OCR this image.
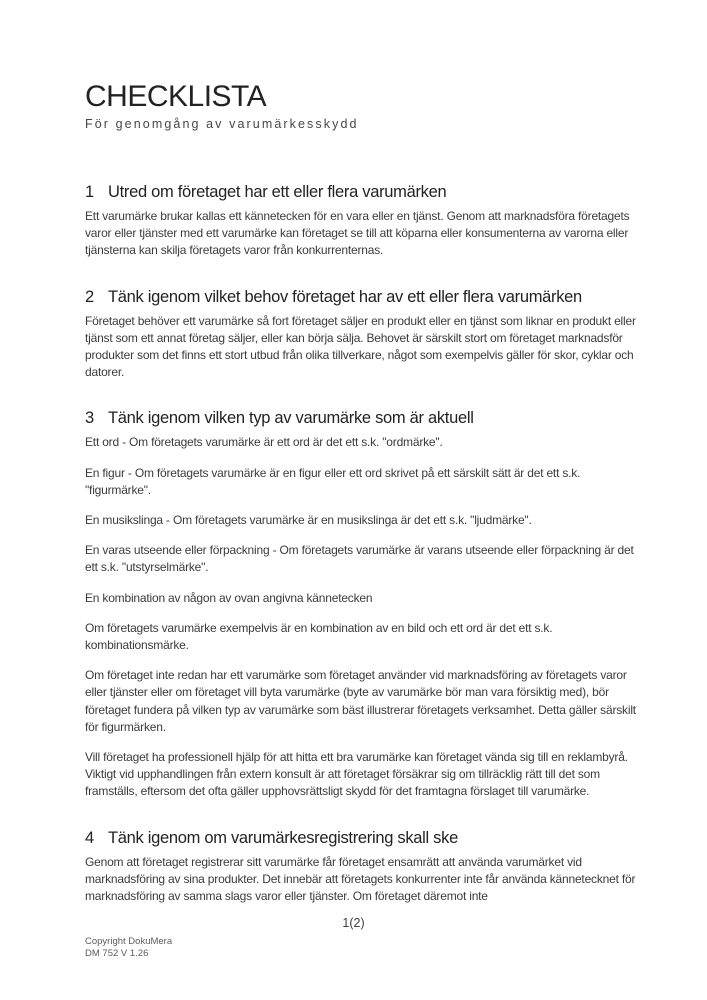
CHECKLISTA
För genomgång av varumärkesskydd
1 Utred om företaget har ett eller flera varumärken

Ett varumärke brukar kallas ett kännetecken för en vara eller en tjänst. Genom att marknadsföra företagets varor eller tjänster med ett varumärke kan företaget se till att köparna eller konsumenterna av varorna eller tjänsterna kan skilja företagets varor från konkurrenternas.

2 Tänk igenom vilket behov företaget har av ett eller flera varumärken

Företaget behöver ett varumärke så fort företaget säljer en produkt eller en tjänst som liknar en produkt eller tjänst som ett annat företag säljer, eller kan börja sälja. Behovet är särskilt stort om företaget marknadsför produkter som det finns ett stort utbud från olika tillverkare, något som exempelvis gäller för skor, cyklar och datorer.

3 Tänk igenom vilken typ av varumärke som är aktuell

Ett ord - Om företagets varumärke är ett ord är det ett s.k. "ordmärke".

En figur - Om företagets varumärke är en figur eller ett ord skrivet på ett särskilt sätt är det ett s.k. "figurmärke".

En musikslinga - Om företagets varumärke är en musikslinga är det ett s.k. "ljudmärke".

En varas utseende eller förpackning - Om företagets varumärke är varans utseende eller förpackning är det ett s.k. "utstyrselmärke".

En kombination av någon av ovan angivna kännetecken

Om företagets varumärke exempelvis är en kombination av en bild och ett ord är det ett s.k. kombinationsmärke.

Om företaget inte redan har ett varumärke som företaget använder vid marknadsföring av företagets varor eller tjänster eller om företaget vill byta varumärke (byte av varumärke bör man vara försiktig med), bör företaget fundera på vilken typ av varumärke som bäst illustrerar företagets verksamhet. Detta gäller särskilt för figurmärken.

Vill företaget ha professionell hjälp för att hitta ett bra varumärke kan företaget vända sig till en reklambyrå. Viktigt vid upphandlingen från extern konsult är att företaget försäkrar sig om tillräcklig rätt till det som framställs, eftersom det ofta gäller upphovsrättsligt skydd för det framtagna förslaget till varumärke.

4 Tänk igenom om varumärkesregistrering skall ske

Genom att företaget registrerar sitt varumärke får företaget ensamrätt att använda varumärket vid marknadsföring av sina produkter. Det innebär att företagets konkurrenter inte får använda kännetecknet för marknadsföring av samma slags varor eller tjänster. Om företaget däremot inte

1(2)
Copyright DokuMera
DM 752 V 1.26
